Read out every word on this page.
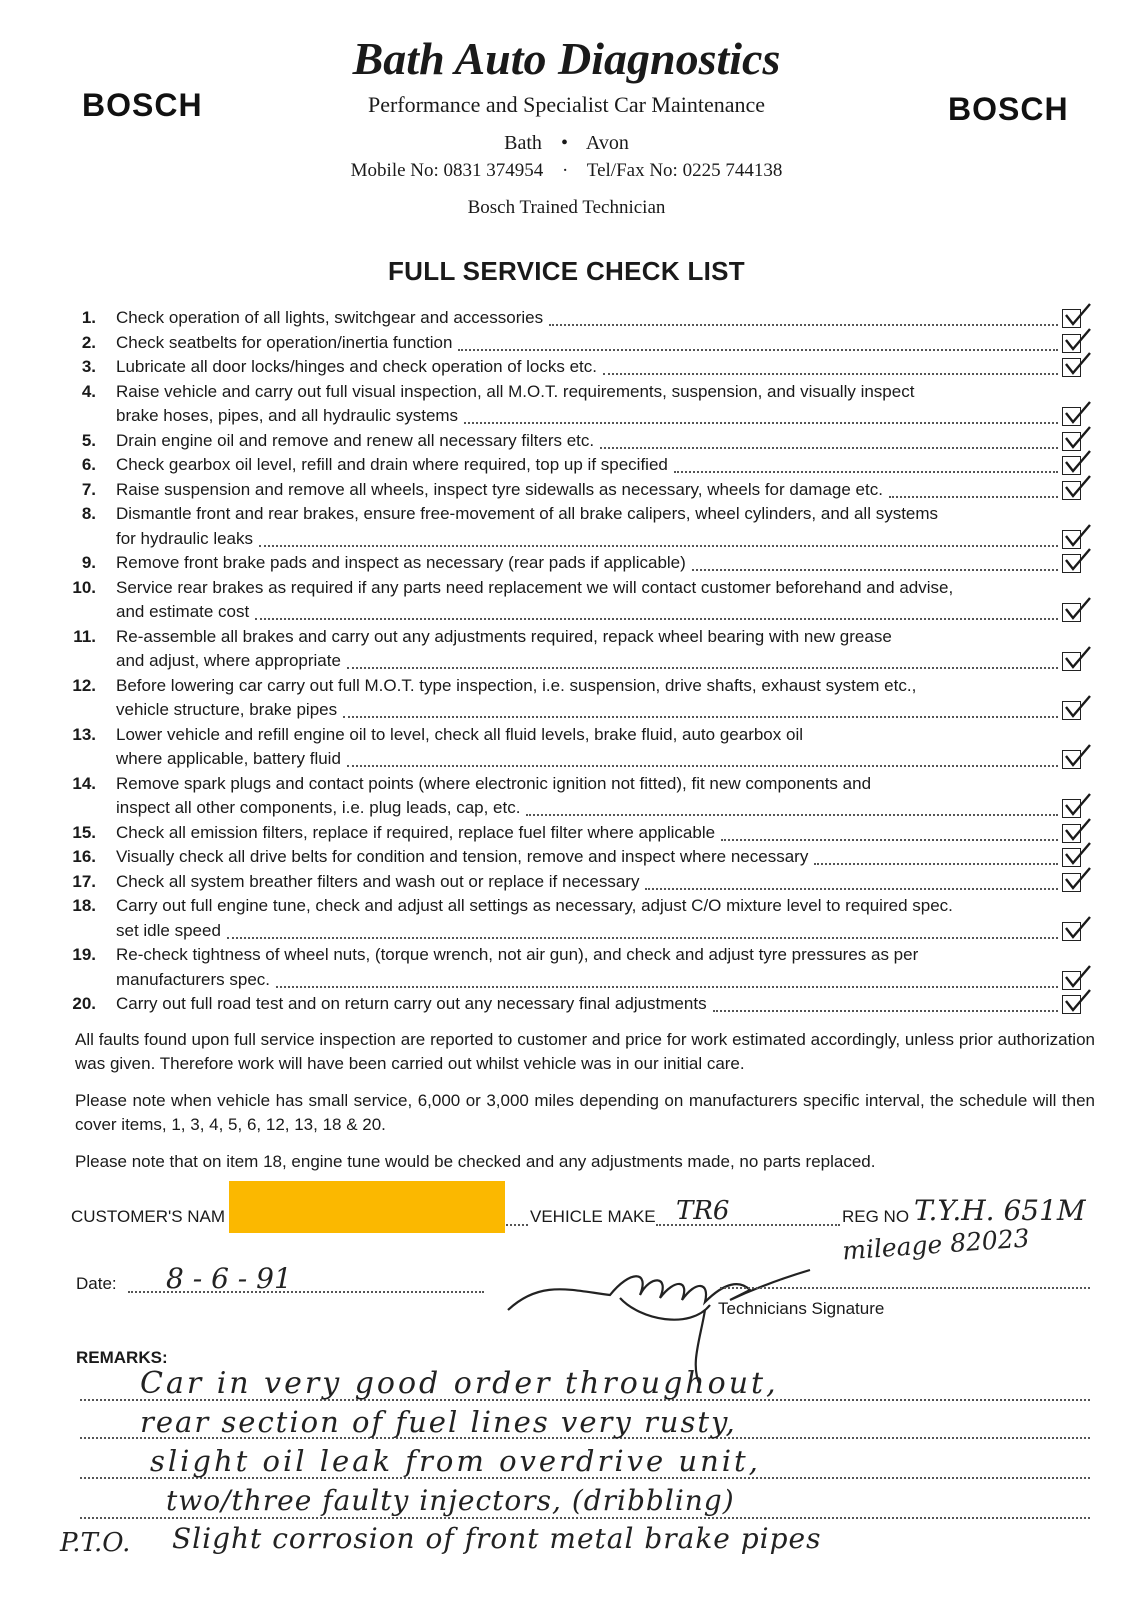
BOSCH	BOSCH
Bath Auto Diagnostics
Performance and Specialist Car Maintenance
Bath • Avon
Mobile No: 0831 374954 · Tel/Fax No: 0225 744138
Bosch Trained Technician
FULL SERVICE CHECK LIST
1. Check operation of all lights, switchgear and accessories
2. Check seatbelts for operation/inertia function
3. Lubricate all door locks/hinges and check operation of locks etc.
4. Raise vehicle and carry out full visual inspection, all M.O.T. requirements, suspension, and visually inspect
brake hoses, pipes, and all hydraulic systems
5. Drain engine oil and remove and renew all necessary filters etc.
6. Check gearbox oil level, refill and drain where required, top up if specified
7. Raise suspension and remove all wheels, inspect tyre sidewalls as necessary, wheels for damage etc.
8. Dismantle front and rear brakes, ensure free-movement of all brake calipers, wheel cylinders, and all systems
for hydraulic leaks
9. Remove front brake pads and inspect as necessary (rear pads if applicable)
10. Service rear brakes as required if any parts need replacement we will contact customer beforehand and advise,
and estimate cost
11. Re-assemble all brakes and carry out any adjustments required, repack wheel bearing with new grease
and adjust, where appropriate
12. Before lowering car carry out full M.O.T. type inspection, i.e. suspension, drive shafts, exhaust system etc.,
vehicle structure, brake pipes
13. Lower vehicle and refill engine oil to level, check all fluid levels, brake fluid, auto gearbox oil
where applicable, battery fluid
14. Remove spark plugs and contact points (where electronic ignition not fitted), fit new components and
inspect all other components, i.e. plug leads, cap, etc.
15. Check all emission filters, replace if required, replace fuel filter where applicable
16. Visually check all drive belts for condition and tension, remove and inspect where necessary
17. Check all system breather filters and wash out or replace if necessary
18. Carry out full engine tune, check and adjust all settings as necessary, adjust C/O mixture level to required spec.
set idle speed
19. Re-check tightness of wheel nuts, (torque wrench, not air gun), and check and adjust tyre pressures as per
manufacturers spec.
20. Carry out full road test and on return carry out any necessary final adjustments
All faults found upon full service inspection are reported to customer and price for work estimated accordingly, unless prior authorization was given. Therefore work will have been carried out whilst vehicle was in our initial care.
Please note when vehicle has small service, 6,000 or 3,000 miles depending on manufacturers specific interval, the schedule will then cover items, 1, 3, 4, 5, 6, 12, 13, 18 & 20.
Please note that on item 18, engine tune would be checked and any adjustments made, no parts replaced.
CUSTOMER'S NAM	VEHICLE MAKE TR6	REG NO T.Y.H. 651M
mileage 82023
Date: 8 - 6 - 91
Technicians Signature
REMARKS:
Car in very good order throughout,
rear section of fuel lines very rusty,
slight oil leak from overdrive unit,
two/three faulty injectors, (dribbling)
P.T.O. Slight corrosion of front metal brake pipes
